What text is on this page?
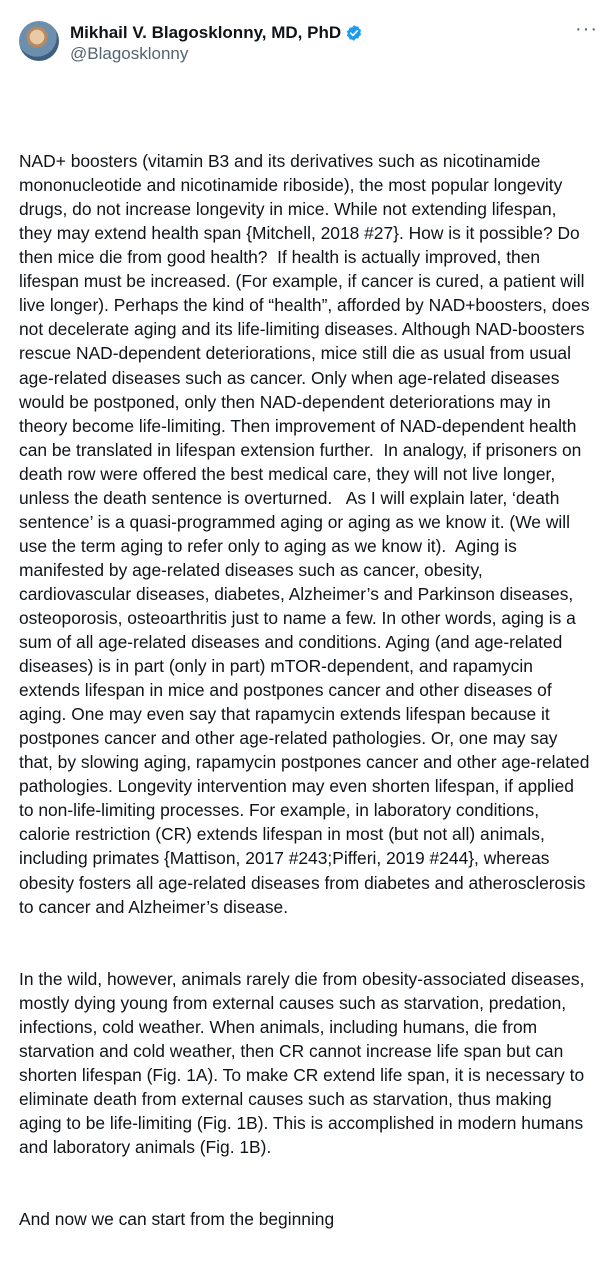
Mikhail V. Blagosklonny, MD, PhD
@Blagosklonny
···

NAD+ boosters (vitamin B3 and its derivatives such as nicotinamide mononucleotide and nicotinamide riboside), the most popular longevity drugs, do not increase longevity in mice. While not extending lifespan, they may extend health span {Mitchell, 2018 #27}. How is it possible? Do then mice die from good health?  If health is actually improved, then lifespan must be increased. (For example, if cancer is cured, a patient will live longer). Perhaps the kind of “health”, afforded by NAD+boosters, does not decelerate aging and its life-limiting diseases. Although NAD-boosters rescue NAD-dependent deteriorations, mice still die as usual from usual age-related diseases such as cancer. Only when age-related diseases would be postponed, only then NAD-dependent deteriorations may in theory become life-limiting. Then improvement of NAD-dependent health can be translated in lifespan extension further.  In analogy, if prisoners on death row were offered the best medical care, they will not live longer, unless the death sentence is overturned.   As I will explain later, ‘death sentence’ is a quasi-programmed aging or aging as we know it. (We will use the term aging to refer only to aging as we know it).  Aging is manifested by age-related diseases such as cancer, obesity, cardiovascular diseases, diabetes, Alzheimer’s and Parkinson diseases, osteoporosis, osteoarthritis just to name a few. In other words, aging is a sum of all age-related diseases and conditions. Aging (and age-related diseases) is in part (only in part) mTOR-dependent, and rapamycin extends lifespan in mice and postpones cancer and other diseases of aging. One may even say that rapamycin extends lifespan because it postpones cancer and other age-related pathologies. Or, one may say that, by slowing aging, rapamycin postpones cancer and other age-related pathologies. Longevity intervention may even shorten lifespan, if applied to non-life-limiting processes. For example, in laboratory conditions, calorie restriction (CR) extends lifespan in most (but not all) animals, including primates {Mattison, 2017 #243;Pifferi, 2019 #244}, whereas obesity fosters all age-related diseases from diabetes and atherosclerosis to cancer and Alzheimer’s disease.

In the wild, however, animals rarely die from obesity-associated diseases, mostly dying young from external causes such as starvation, predation, infections, cold weather. When animals, including humans, die from starvation and cold weather, then CR cannot increase life span but can shorten lifespan (Fig. 1A). To make CR extend life span, it is necessary to eliminate death from external causes such as starvation, thus making aging to be life-limiting (Fig. 1B). This is accomplished in modern humans and laboratory animals (Fig. 1B).

And now we can start from the beginning
